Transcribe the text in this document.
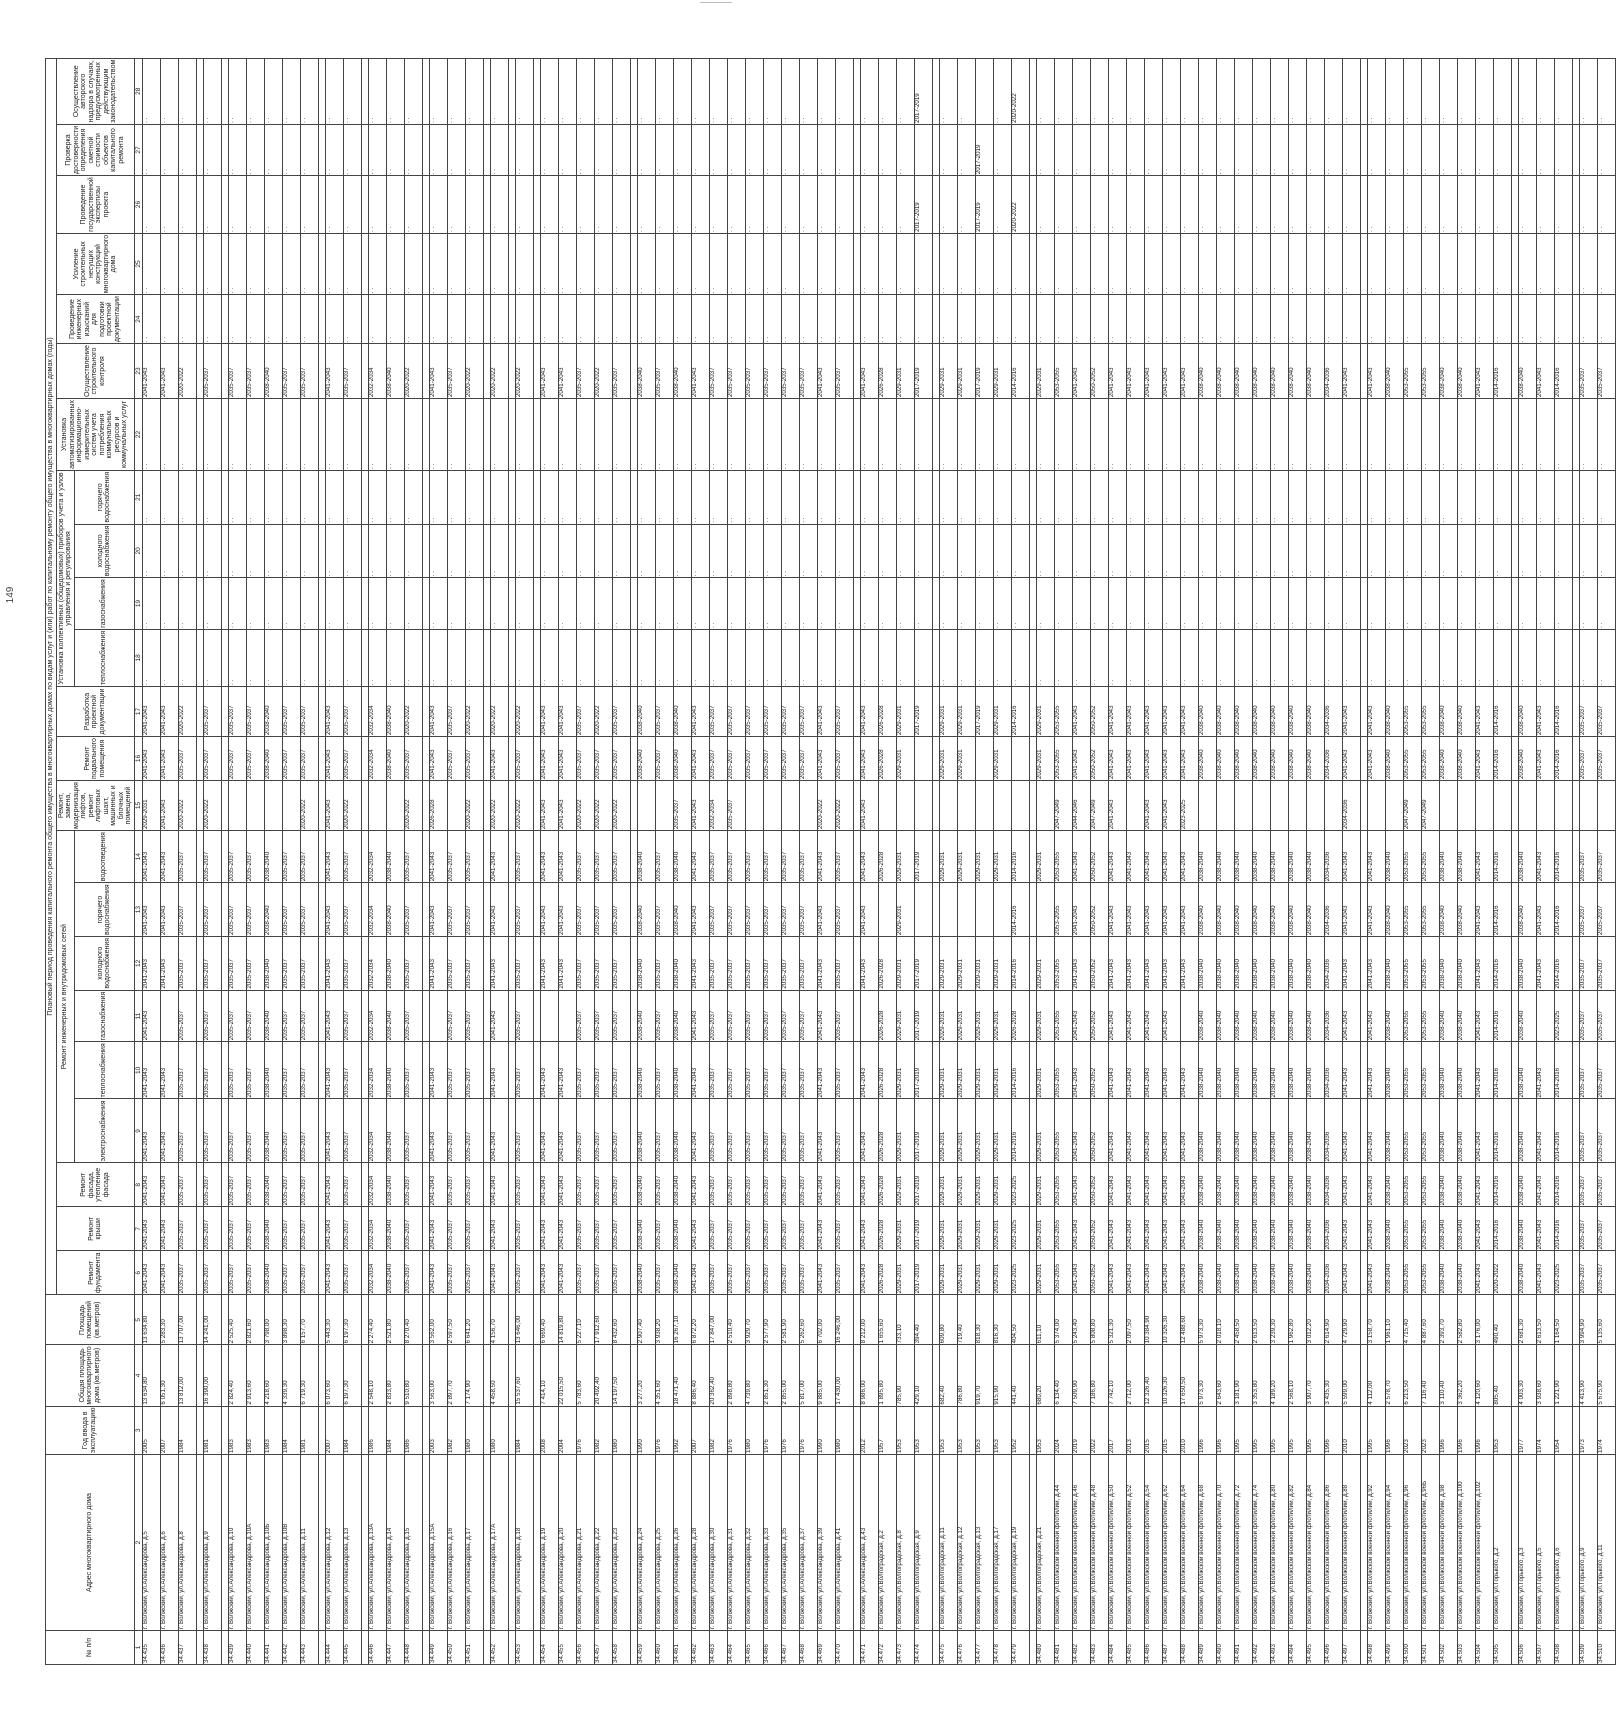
149
№ п/п	Адрес многоквартирного дома	Год ввода в эксплуатацию	Общая площадь многоквартирного дома (кв.метров)	Площадь помещений (кв.метров)	Плановый период проведения капитального ремонта общего имущества в многоквартирных домах по видам услуг и (или) работ по капитальному ремонту общего имущества в многоквартирных домах (годы)																						
					Ремонт фундамента	Ремонт крыши	Ремонт фасада, утепление фасада	Ремонт инженерных и внутридомовых сетей						Ремонт, замена, модернизация лифтов, ремонт лифтовых шахт, машинных и блочных помещений	Ремонт подвального помещения	Разработка проектной документации	Установка коллективных (общедомовых) приборов учета и узлов управления и регулирования				Установка автоматизированных информационно-измерительных систем учета потребления коммунальных ресурсов и коммунальных услуг	Осуществление строительного контроля	Проведение инженерных изысканий для подготовки проектной документации	Усиление строительных несущих конструкций многоквартирного дома	Проведение государственной экспертизы проекта	Проверка достоверности определения сметной стоимости объектов капитального ремонта	Осуществление авторского надзора в случаях, предусмотренных действующим законодательством
								электроснабжения	теплоснабжения	газоснабжения	холодного водоснабжения	горячего водоснабжения	водоотведения				теплоснабжения	газоснабжения	холодного водоснабжения	горячего водоснабжения							

1	2	3	4	5	6	7	8	9	10	11	12	13	14	15	16	17	18	19	20	21	22	23	24	25	26	27	28

34.435	г. Волжский, ул.Александрова, д.5	2005	13 634,80	13 634,80	2041-2043	2041-2043	2041-2043	2041-2043	2041-2043	2041-2043	2041-2043	2041-2043	2041-2043	2029-2031	2041-2043	2041-2043	. .	. .	. .	. .	. .	2041-2043	. .	. .	. .	. .	. .

34.436	г. Волжский, ул.Александрова, д.6	2007	6 051,30	5 283,30	2041-2043	2041-2043	2041-2043	2041-2043	2041-2043		2041-2043	2041-2043	2041-2043	2041-2043	2041-2043	2041-2043	. .	. .	. .	. .	. .	2041-2043	. .	. .	. .	. .	. .

34.437	г. Волжский, ул.Александрова, д.8	1984	13 812,00	13 707,00	2035-2037	2035-2037	2035-2037	2035-2037	2035-2037	2035-2037	2035-2037	2035-2037	2035-2037	2020-2022	2035-2037	2020-2022	. .	. .	. .	. .	. .	2020-2022	. .	. .	. .	. .	. .

34.438	г. Волжский, ул.Александрова, д.9	1981	16 390,00	14 241,00	2035-2037	2035-2037	2035-2037	2035-2037	2035-2037	2035-2037	2035-2037	2035-2037	2035-2037	2020-2022	2035-2037	2035-2037	. .	. .	. .	. .	. .	2035-2037	. .	. .	. .	. .	. .

34.439	г. Волжский, ул.Александрова, д.10	1983	2 824,40	2 525,40	2035-2037	2035-2037	2035-2037	2035-2037	2035-2037	2035-2037	2035-2037	2035-2037	2035-2037		2035-2037	2035-2037	. .	. .	. .	. .	. .	2035-2037	. .	. .	. .	. .	. .

34.440	г. Волжский, ул.Александрова, д.10А	1983	2 913,60	2 821,60	2035-2037	2035-2037	2035-2037	2035-2037	2035-2037	2035-2037	2035-2037	2035-2037	2035-2037		2035-2037	2035-2037	. .	. .	. .	. .	. .	2035-2037	. .	. .	. .	. .	. .

34.441	г. Волжский, ул.Александрова, д.10Б	1983	4 218,60	3 798,00	2038-2040	2038-2040	2038-2040	2038-2040	2038-2040	2038-2040	2038-2040	2038-2040	2038-2040		2038-2040	2038-2040	. .	. .	. .	. .	. .	2038-2040	. .	. .	. .	. .	. .

34.442	г. Волжский, ул.Александрова, д.10В	1984	4 339,30	3 898,30	2035-2037	2035-2037	2035-2037	2035-2037	2035-2037	2035-2037	2035-2037	2035-2037	2035-2037		2035-2037	2035-2037	. .	. .	. .	. .	. .	2035-2037	. .	. .	. .	. .	. .

34.443	г. Волжский, ул.Александрова, д.11	1981	6 719,30	6 157,70	2035-2037	2035-2037	2035-2037	2035-2037	2035-2037	2035-2037	2035-2037	2035-2037	2035-2037	2020-2022	2035-2037	2035-2037	. .	. .	. .	. .	. .	2035-2037	. .	. .	. .	. .	. .

34.444	г. Волжский, ул.Александрова, д.12	2007	6 073,60	5 443,30	2041-2043	2041-2043	2041-2043	2041-2043	2041-2043	2041-2043	2041-2043	2041-2043	2041-2043	2041-2043	2041-2043	2041-2043	. .	. .	. .	. .	. .	2041-2043	. .	. .	. .	. .	. .

34.445	г. Волжский, ул.Александрова, д.13	1984	6 197,30	6 197,30	2035-2037	2035-2037	2035-2037	2035-2037	2035-2037	2035-2037	2035-2037	2035-2037	2035-2037	2020-2022	2035-2037	2035-2037	. .	. .	. .	. .	. .	2035-2037	. .	. .	. .	. .	. .

34.446	г. Волжский, ул.Александрова, д.13А	1986	2 548,10	2 274,40	2032-2034	2032-2034	2032-2034	2032-2034	2032-2034	2032-2034	2032-2034	2032-2034	2032-2034		2032-2034	2032-2034	. .	. .	. .	. .	. .	2032-2034	. .	. .	. .	. .	. .

34.447	г. Волжский, ул.Александрова, д.14	1984	2 833,80	2 521,80	2038-2040	2038-2040	2038-2040	2038-2040	2038-2040	2038-2040	2038-2040	2038-2040	2038-2040		2038-2040	2038-2040	. .	. .	. .	. .	. .	2038-2040	. .	. .	. .	. .	. .

34.448	г. Волжский, ул.Александрова, д.15	1986	9 510,80	8 270,40	2035-2037	2035-2037	2035-2037	2035-2037	2035-2037	2035-2037	2035-2037	2035-2037	2035-2037	2020-2022	2035-2037	2020-2022	. .	. .	. .	. .	. .	2020-2022	. .	. .	. .	. .	. .

34.449	г. Волжский, ул.Александрова, д.15А	2003	3 563,00	3 562,00	2041-2043	2041-2043	2041-2043	2041-2043	2041-2043		2041-2043	2041-2043	2041-2043	2026-2028	2041-2043	2041-2043	. .	. .	. .	. .	. .	2041-2043	. .	. .	. .	. .	. .

34.450	г. Волжский, ул.Александрова, д.16	1982	2 897,70	2 597,50	2035-2037	2035-2037	2035-2037	2035-2037	2035-2037	2035-2037	2035-2037	2035-2037	2035-2037		2035-2037	2035-2037	. .	. .	. .	. .	. .	2035-2037	. .	. .	. .	. .	. .

34.451	г. Волжский, ул.Александрова, д.17	1980	7 174,90	6 641,20	2035-2037	2035-2037	2035-2037	2035-2037	2035-2037	2035-2037	2035-2037	2035-2037	2035-2037	2020-2022	2035-2037	2020-2022	. .	. .	. .	. .	. .	2020-2022	. .	. .	. .	. .	. .

34.452	г. Волжский, ул.Александрова, д.17А	1980	4 458,50	4 156,70	2041-2043	2041-2043	2041-2043	2041-2043	2041-2043	2041-2043	2041-2043	2041-2043	2041-2043	2020-2022	2041-2043	2020-2022	. .	. .	. .	. .	. .	2020-2022	. .	. .	. .	. .	. .

34.453	г. Волжский, ул.Александрова, д.18	1984	15 537,60	13 646,00	2035-2037	2035-2037	2035-2037	2035-2037	2035-2037	2035-2037	2035-2037	2035-2037	2035-2037	2020-2022	2035-2037	2020-2022	. .	. .	. .	. .	. .	2020-2022	. .	. .	. .	. .	. .

34.454	г. Волжский, ул.Александрова, д.19	2008	7 414,10	6 669,40	2041-2043	2041-2043	2041-2043	2041-2043	2041-2043		2041-2043	2041-2043	2041-2043	2041-2043	2041-2043	2041-2043	. .	. .	. .	. .	. .	2041-2043	. .	. .	. .	. .	. .

34.455	г. Волжский, ул.Александрова, д.20	2004	22 015,50	14 819,80	2041-2043	2041-2043	2041-2043	2041-2043	2041-2043		2041-2043	2041-2043	2041-2043	2041-2043	2041-2043	2041-2043	. .	. .	. .	. .	. .	2041-2043	. .	. .	. .	. .	. .

34.456	г. Волжский, ул.Александрова, д.21	1976	5 783,60	5 227,10	2035-2037	2035-2037	2035-2037	2035-2037	2035-2037	2035-2037	2035-2037	2035-2037	2035-2037	2020-2022	2035-2037	2035-2037	. .	. .	. .	. .	. .	2035-2037	. .	. .	. .	. .	. .

34.457	г. Волжский, ул.Александрова, д.22	1982	20 492,40	17 912,60	2035-2037	2035-2037	2035-2037	2035-2037	2035-2037	2035-2037	2035-2037	2035-2037	2035-2037	2020-2022	2035-2037	2020-2022	. .	. .	. .	. .	. .	2020-2022	. .	. .	. .	. .	. .

34.458	г. Волжский, ул.Александрова, д.23	1980	14 197,50	8 432,60	2035-2037	2035-2037	2035-2037	2035-2037	2035-2037	2035-2037	2035-2037	2035-2037	2035-2037	2020-2022	2035-2037	2035-2037	. .	. .	. .	. .	. .	2035-2037	. .	. .	. .	. .	. .

34.459	г. Волжский, ул.Александрова, д.24	1990	3 277,20	2 907,40	2038-2040	2038-2040	2038-2040	2038-2040	2038-2040	2038-2040	2038-2040	2038-2040	2038-2040		2038-2040	2038-2040	. .	. .	. .	. .	. .	2038-2040	. .	. .	. .	. .	. .

34.460	г. Волжский, ул.Александрова, д.25	1976	4 351,60	3 938,20	2035-2037	2035-2037	2035-2037	2035-2037	2035-2037	2035-2037	2035-2037	2035-2037	2035-2037		2035-2037	2035-2037	. .	. .	. .	. .	. .	2035-2037	. .	. .	. .	. .	. .

34.461	г. Волжский, ул.Александрова, д.26	1992	18 471,40	16 267,10	2038-2040	2038-2040	2038-2040	2038-2040	2038-2040	2038-2040	2038-2040	2038-2040	2038-2040	2035-2037	2038-2040	2038-2040	. .	. .	. .	. .	. .	2038-2040	. .	. .	. .	. .	. .

34.462	г. Волжский, ул.Александрова, д.28	2007	8 886,40	6 872,20	2041-2043	2041-2043	2041-2043	2041-2043	2041-2043	2041-2043	2041-2043	2041-2043	2041-2043	2041-2043	2041-2043	2041-2043	. .	. .	. .	. .	. .	2041-2043	. .	. .	. .	. .	. .

34.463	г. Волжский, ул.Александрова, д.30	1982	20 362,40	17 847,00	2035-2037	2035-2037	2035-2037	2035-2037	2035-2037	2035-2037	2035-2037	2035-2037	2035-2037	2032-2034	2035-2037	2035-2037	. .	. .	. .	. .	. .	2035-2037	. .	. .	. .	. .	. .

34.464	г. Волжский, ул.Александрова, д.31	1976	2 898,80	2 510,40	2035-2037	2035-2037	2035-2037	2035-2037	2035-2037	2035-2037	2035-2037	2035-2037	2035-2037	2035-2037	2035-2037	2035-2037	. .	. .	. .	. .	. .	2035-2037	. .	. .	. .	. .	. .

34.465	г. Волжский, ул.Александрова, д.32	1980	4 739,80	3 929,70	2035-2037	2035-2037	2035-2037	2035-2037	2035-2037	2035-2037	2035-2037	2035-2037	2035-2037		2035-2037	2035-2037	. .	. .	. .	. .	. .	2035-2037	. .	. .	. .	. .	. .

34.466	г. Волжский, ул.Александрова, д.33	1976	2 851,30	2 577,90	2035-2037	2035-2037	2035-2037	2035-2037	2035-2037	2035-2037	2035-2037	2035-2037	2035-2037		2035-2037	2035-2037	. .	. .	. .	. .	. .	2035-2037	. .	. .	. .	. .	. .

34.467	г. Волжский, ул.Александрова, д.35	1976	2 855,00	2 581,90	2035-2037	2035-2037	2035-2037	2035-2037	2035-2037	2035-2037	2035-2037	2035-2037	2035-2037		2035-2037	2035-2037	. .	. .	. .	. .	. .	2035-2037	. .	. .	. .	. .	. .

34.468	г. Волжский, ул.Александрова, д.37	1976	5 817,00	5 262,60	2035-2037	2035-2037	2035-2037	2035-2037	2035-2037	2035-2037	2035-2037	2035-2037	2035-2037		2035-2037	2035-2037	. .	. .	. .	. .	. .	2035-2037	. .	. .	. .	. .	. .

34.469	г. Волжский, ул.Александрова, д.39	1990	9 885,00	6 702,00	2041-2043	2041-2043	2041-2043	2041-2043	2041-2043	2041-2043	2041-2043	2041-2043	2041-2043	2020-2022	2041-2043	2041-2043	. .	. .	. .	. .	. .	2041-2043	. .	. .	. .	. .	. .

34.470	г. Волжский, ул.Александрова, д.41	1980	17 430,00	16 246,00	2035-2037	2035-2037	2035-2037	2035-2037	2035-2037	2035-2037	2035-2037	2035-2037	2035-2037	2020-2022	2035-2037	2035-2037	. .	. .	. .	. .	. .	2035-2037	. .	. .	. .	. .	. .

34.471	г. Волжский, ул.Александрова, д.43	2012	8 986,00	8 212,00	2041-2043	2041-2043	2041-2043	2041-2043	2041-2043		2041-2043	2041-2043	2041-2043	2041-2043	2041-2043	2041-2043	. .	. .	. .	. .	. .	2041-2043	. .	. .	. .	. .	. .

34.472	г. Волжский, ул.Волгоградская, д.2	1957	1 895,80	1 655,60	2026-2028	2026-2028	2026-2028	2026-2028	2026-2028	2026-2028	2026-2028		2026-2028		2026-2028	2026-2028	. .	. .	. .	. .	. .	2026-2028	. .	. .	. .	. .	. .

34.473	г. Волжский, ул.Волгоградская, д.8	1953	785,90	733,10	2029-2031	2029-2031	2029-2031	2029-2031	2029-2031	2029-2031	2029-2031	2029-2031	2029-2031		2029-2031	2029-2031	. .	. .	. .	. .	. .	2029-2031	. .	. .	. .	. .	. .

34.474	г. Волжский, ул.Волгоградская, д.9	1953	429,10	394,40	2017-2019	2017-2019	2017-2019	2017-2019	2017-2019	2017-2019	2017-2019		2017-2019			2017-2019	. .	. .	. .	. .	. .	2017-2019	. .	. .	2017-2019		2017-2019

34.475	г. Волжский, ул.Волгоградская, д.11	1953	682,40	609,80	2029-2031	2029-2031	2029-2031	2029-2031	2029-2031	2029-2031	2029-2031		2029-2031		2029-2031	2029-2031	. .	. .	. .	. .	. .	2029-2031	. .	. .	. .	. .	. .

34.476	г. Волжский, ул.Волгоградская, д.12	1953	786,80	719,40	2029-2031	2029-2031	2029-2031	2029-2031	2029-2031	2029-2031	2029-2031		2029-2031		2029-2031	2029-2031	. .	. .	. .	. .	. .	2029-2031	. .	. .	. .	. .	. .

34.477	г. Волжский, ул.Волгоградская, д.13	1953	919,70	818,30	2029-2031	2029-2031	2029-2031	2029-2031	2029-2031	2029-2031	2029-2031		2029-2031			2017-2019	. .	. .	. .	. .	. .	2017-2019	. .	. .	2017-2019	2017-2019	

34.478	г. Волжский, ул.Волгоградская, д.17	1953	915,90	816,30	2029-2031	2029-2031	2029-2031	2029-2031	2029-2031	2029-2031	2029-2031		2029-2031		2029-2031	2029-2031	. .	. .	. .	. .	. .	2029-2031	. .	. .	. .	. .	. .

34.479	г. Волжский, ул.Волгоградская, д.19	1952	441,40	404,50	2023-2025	2023-2025	2023-2025	2014-2016	2014-2016	2026-2028	2014-2016	2014-2016	2014-2016			2014-2016	. .	. .	. .	. .	. .	2014-2016	. .	. .	2020-2022		2020-2022

34.480	г. Волжский, ул.Волгоградская, д.21	1953	680,20	611,10	2029-2031	2029-2031	2029-2031	2029-2031	2029-2031	2029-2031	2029-2031		2029-2031		2029-2031	2029-2031	. .	. .	. .	. .	. .	2029-2031	. .	. .	. .	. .	. .

34.481	г. Волжский, ул.Волжской военной флотилии, д.44	2024	6 134,40	5 374,00	2053-2055	2053-2055	2053-2055	2053-2055	2053-2055	2053-2055	2053-2055	2053-2055	2053-2055	2047-2049	2053-2055	2053-2055	. .	. .	. .	. .	. .	2053-2055	. .	. .	. .	. .	. .

34.482	г. Волжский, ул.Волжской военной флотилии, д.46	2019	7 509,90	5 243,40	2041-2043	2041-2043	2041-2043	2041-2043	2041-2043	2041-2043	2041-2043	2041-2043	2041-2043	2044-2046	2041-2043	2041-2043	. .	. .	. .	. .	. .	2041-2043	. .	. .	. .	. .	. .

34.483	г. Волжский, ул.Волжской военной флотилии, д.48	2022	7 186,80	5 808,80	2050-2052	2050-2052	2050-2052	2050-2052	2050-2052	2050-2052	2050-2052	2050-2052	2050-2052	2047-2049	2050-2052	2050-2052	. .	. .	. .	. .	. .	2050-2052	. .	. .	. .	. .	. .

34.484	г. Волжский, ул.Волжской военной флотилии, д.50	2017	7 742,10	5 321,30	2041-2043	2041-2043	2041-2043	2041-2043	2041-2043	2041-2043	2041-2043	2041-2043	2041-2043	2041-2043	2041-2043	2041-2043	. .	. .	. .	. .	. .	2041-2043	. .	. .	. .	. .	. .

34.485	г. Волжский, ул.Волжской военной флотилии, д.52	2013	2 712,00	2 097,50	2041-2043	2041-2043	2041-2043	2041-2043	2041-2043	2041-2043	2041-2043	2041-2043	2041-2043		2041-2043	2041-2043	. .	. .	. .	. .	. .	2041-2043	. .	. .	. .	. .	. .

34.486	г. Волжский, ул.Волжской военной флотилии, д.54	2015	12 326,40	10 384,90	2041-2043	2041-2043	2041-2043	2041-2043	2041-2043	2041-2043	2041-2043	2041-2043	2041-2043	2041-2043	2041-2043	2041-2043	. .	. .	. .	. .	. .	2041-2043	. .	. .	. .	. .	. .

34.487	г. Волжский, ул.Волжской военной флотилии, д.62	2015	10 326,30	10 326,30	2041-2043	2041-2043	2041-2043	2041-2043	2041-2043	2041-2043	2041-2043	2041-2043	2041-2043	2041-2043	2041-2043	2041-2043	. .	. .	. .	. .	. .	2041-2043	. .	. .	. .	. .	. .

34.488	г. Волжский, ул.Волжской военной флотилии, д.64	2010	17 650,50	12 488,60	2041-2043	2041-2043	2041-2043	2041-2043	2041-2043		2041-2043	2041-2043	2041-2043	2023-2025	2041-2043	2041-2043	. .	. .	. .	. .	. .	2041-2043	. .	. .	. .	. .	. .

34.489	г. Волжский, ул.Волжской военной флотилии, д.68	1996	5 973,30	5 973,30	2038-2040	2038-2040	2038-2040	2038-2040	2038-2040	2038-2040	2038-2040	2038-2040	2038-2040		2038-2040	2038-2040	. .	. .	. .	. .	. .	2038-2040	. .	. .	. .	. .	. .

34.490	г. Волжский, ул.Волжской военной флотилии, д.70	1996	2 643,60	2 018,10	2038-2040	2038-2040	2038-2040	2038-2040	2038-2040	2038-2040	2038-2040	2038-2040	2038-2040		2038-2040	2038-2040	. .	. .	. .	. .	. .	2038-2040	. .	. .	. .	. .	. .

34.491	г. Волжский, ул.Волжской военной флотилии, д.72	1995	3 181,90	2 458,50	2038-2040	2038-2040	2038-2040	2038-2040	2038-2040	2038-2040	2038-2040	2038-2040	2038-2040		2038-2040	2038-2040	. .	. .	. .	. .	. .	2038-2040	. .	. .	. .	. .	. .

34.492	г. Волжский, ул.Волжской военной флотилии, д.74	1995	3 353,80	2 613,50	2038-2040	2038-2040	2038-2040	2038-2040	2038-2040	2038-2040	2038-2040	2038-2040	2038-2040		2038-2040	2038-2040	. .	. .	. .	. .	. .	2038-2040	. .	. .	. .	. .	. .

34.493	г. Волжский, ул.Волжской военной флотилии, д.80	1995	4 189,20	3 239,30	2038-2040	2038-2040	2038-2040	2038-2040	2038-2040	2038-2040	2038-2040	2038-2040	2038-2040		2038-2040	2038-2040	. .	. .	. .	. .	. .	2038-2040	. .	. .	. .	. .	. .

34.494	г. Волжский, ул.Волжской военной флотилии, д.82	1995	2 568,10	1 962,80	2038-2040	2038-2040	2038-2040	2038-2040	2038-2040	2038-2040	2038-2040	2038-2040	2038-2040		2038-2040	2038-2040	. .	. .	. .	. .	. .	2038-2040	. .	. .	. .	. .	. .

34.495	г. Волжский, ул.Волжской военной флотилии, д.84	1995	3 907,70	3 012,20	2038-2040	2038-2040	2038-2040	2038-2040	2038-2040	2038-2040	2038-2040	2038-2040	2038-2040		2038-2040	2038-2040	. .	. .	. .	. .	. .	2038-2040	. .	. .	. .	. .	. .

34.496	г. Волжский, ул.Волжской военной флотилии, д.86	1996	3 435,30	2 614,90	2034-2036	2034-2036	2034-2036	2034-2036	2034-2036	2034-2036	2034-2036	2034-2036	2034-2036		2034-2036	2034-2036	. .	. .	. .	. .	. .	2034-2036	. .	. .	. .	. .	. .

34.497	г. Волжский, ул.Волжской военной флотилии, д.88	2010	5 599,00	4 729,90	2041-2043	2041-2043	2041-2043	2041-2043	2041-2043	2041-2043	2041-2043	2041-2043	2041-2043	2034-2036	2041-2043	2041-2043	. .	. .	. .	. .	. .	2041-2043	. .	. .	. .	. .	. .

34.498	г. Волжский, ул.Волжской военной флотилии, д.92	1995	4 112,00	3 158,70	2041-2043	2041-2043	2041-2043	2041-2043	2041-2043	2041-2043	2041-2043	2041-2043	2041-2043		2041-2043	2041-2043	. .	. .	. .	. .	. .	2041-2043	. .	. .	. .	. .	. .

34.499	г. Волжский, ул.Волжской военной флотилии, д.94	1996	2 578,70	1 961,10	2038-2040	2038-2040	2038-2040	2038-2040	2038-2040	2038-2040	2038-2040	2038-2040	2038-2040		2038-2040	2038-2040	. .	. .	. .	. .	. .	2038-2040	. .	. .	. .	. .	. .

34.500	г. Волжский, ул.Волжской военной флотилии, д.96	2023	6 213,50	4 715,40	2053-2055	2053-2055	2053-2055	2053-2055	2053-2055	2053-2055	2053-2055	2053-2055	2053-2055	2047-2049	2053-2055	2053-2055	. .	. .	. .	. .	. .	2053-2055	. .	. .	. .	. .	. .

34.501	г. Волжский, ул.Волжской военной флотилии, д.96Б	2023	7 116,40	4 887,60	2053-2055	2053-2055	2053-2055	2053-2055	2053-2055	2053-2055	2053-2055	2053-2055	2053-2055	2047-2049	2053-2055	2053-2055	. .	. .	. .	. .	. .	2053-2055	. .	. .	. .	. .	. .

34.502	г. Волжский, ул.Волжской военной флотилии, д.98	1996	3 110,40	2 393,70	2038-2040	2038-2040	2038-2040	2038-2040	2038-2040	2038-2040	2038-2040	2038-2040	2038-2040		2038-2040	2038-2040	. .	. .	. .	. .	. .	2038-2040	. .	. .	. .	. .	. .

34.503	г. Волжский, ул.Волжской военной флотилии, д.100	1996	3 362,20	2 582,80	2038-2040	2038-2040	2038-2040	2038-2040	2038-2040	2038-2040	2038-2040	2038-2040	2038-2040		2038-2040	2038-2040	. .	. .	. .	. .	. .	2038-2040	. .	. .	. .	. .	. .

34.504	г. Волжский, ул.Волжской военной флотилии, д.102	1996	4 120,60	3 176,00	2041-2043	2041-2043	2041-2043	2041-2043	2041-2043	2041-2043	2041-2043	2041-2043	2041-2043		2041-2043	2041-2043	. .	. .	. .	. .	. .	2041-2043	. .	. .	. .	. .	. .

34.505	г. Волжский, ул.Горького, д.2	1953	805,40	490,40	2020-2022	2014-2016	2014-2016	2014-2016	2014-2016	2014-2016	2014-2016	2014-2016	2014-2016		2014-2016	2014-2016	. .	. .	. .	. .	. .	2014-2016	. .	. .	. .	. .	. .

34.506	г. Волжский, ул.Горького, д.3	1977	4 003,30	2 681,30	2038-2040	2038-2040	2038-2040	2038-2040	2038-2040	2038-2040	2038-2040	2038-2040	2038-2040		2038-2040	2038-2040	. .	. .	. .	. .	. .	2038-2040	. .	. .	. .	. .	. .

34.507	г. Волжский, ул.Горького, д.5	1974	3 938,60	2 613,50	2041-2043	2041-2043	2041-2043	2041-2043	2041-2043		2041-2043	2041-2043	2041-2043		2041-2043	2041-2043	. .	. .	. .	. .	. .	2041-2043	. .	. .	. .	. .	. .

34.508	г. Волжский, ул.Горького, д.6	1954	1 221,90	1 164,50	2023-2025	2014-2016	2014-2016	2014-2016	2014-2016	2023-2025	2014-2016	2014-2016	2014-2016		2014-2016	2014-2016	. .	. .	. .	. .	. .	2014-2016	. .	. .	. .	. .	. .

34.509	г. Волжский, ул.Горького, д.9	1973	4 413,90	3 994,90	2035-2037	2035-2037	2035-2037	2035-2037	2035-2037	2035-2037	2035-2037	2035-2037	2035-2037		2035-2037	2035-2037	. .	. .	. .	. .	. .	2035-2037	. .	. .	. .	. .	. .

34.510	г. Волжский, ул.Горького, д.11	1974	5 675,90	5 135,60	2035-2037	2035-2037	2035-2037	2035-2037	2035-2037	2035-2037	2035-2037	2035-2037	2035-2037		2035-2037	2035-2037	. .	. .	. .	. .	. .	2035-2037	. .	. .	. .	. .	. .
